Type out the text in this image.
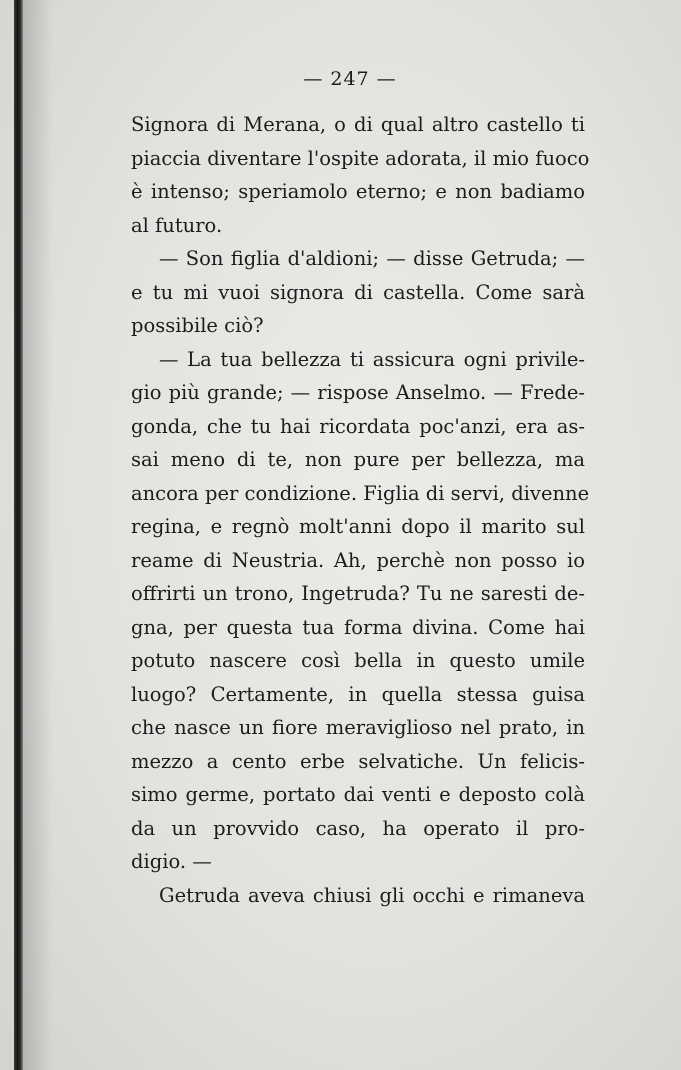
— 247 —
Signora di Merana, o di qual altro castello ti
piaccia diventare l'ospite adorata, il mio fuoco
è intenso; speriamolo eterno; e non badiamo
al futuro.
— Son figlia d'aldioni; — disse Getruda; —
e tu mi vuoi signora di castella. Come sarà
possibile ciò?
— La tua bellezza ti assicura ogni privile-
gio più grande; — rispose Anselmo. — Frede-
gonda, che tu hai ricordata poc'anzi, era as-
sai meno di te, non pure per bellezza, ma
ancora per condizione. Figlia di servi, divenne
regina, e regnò molt'anni dopo il marito sul
reame di Neustria. Ah, perchè non posso io
offrirti un trono, Ingetruda? Tu ne saresti de-
gna, per questa tua forma divina. Come hai
potuto nascere così bella in questo umile
luogo? Certamente, in quella stessa guisa
che nasce un fiore meraviglioso nel prato, in
mezzo a cento erbe selvatiche. Un felicis-
simo germe, portato dai venti e deposto colà
da un provvido caso, ha operato il pro-
digio. —
Getruda aveva chiusi gli occhi e rimaneva
